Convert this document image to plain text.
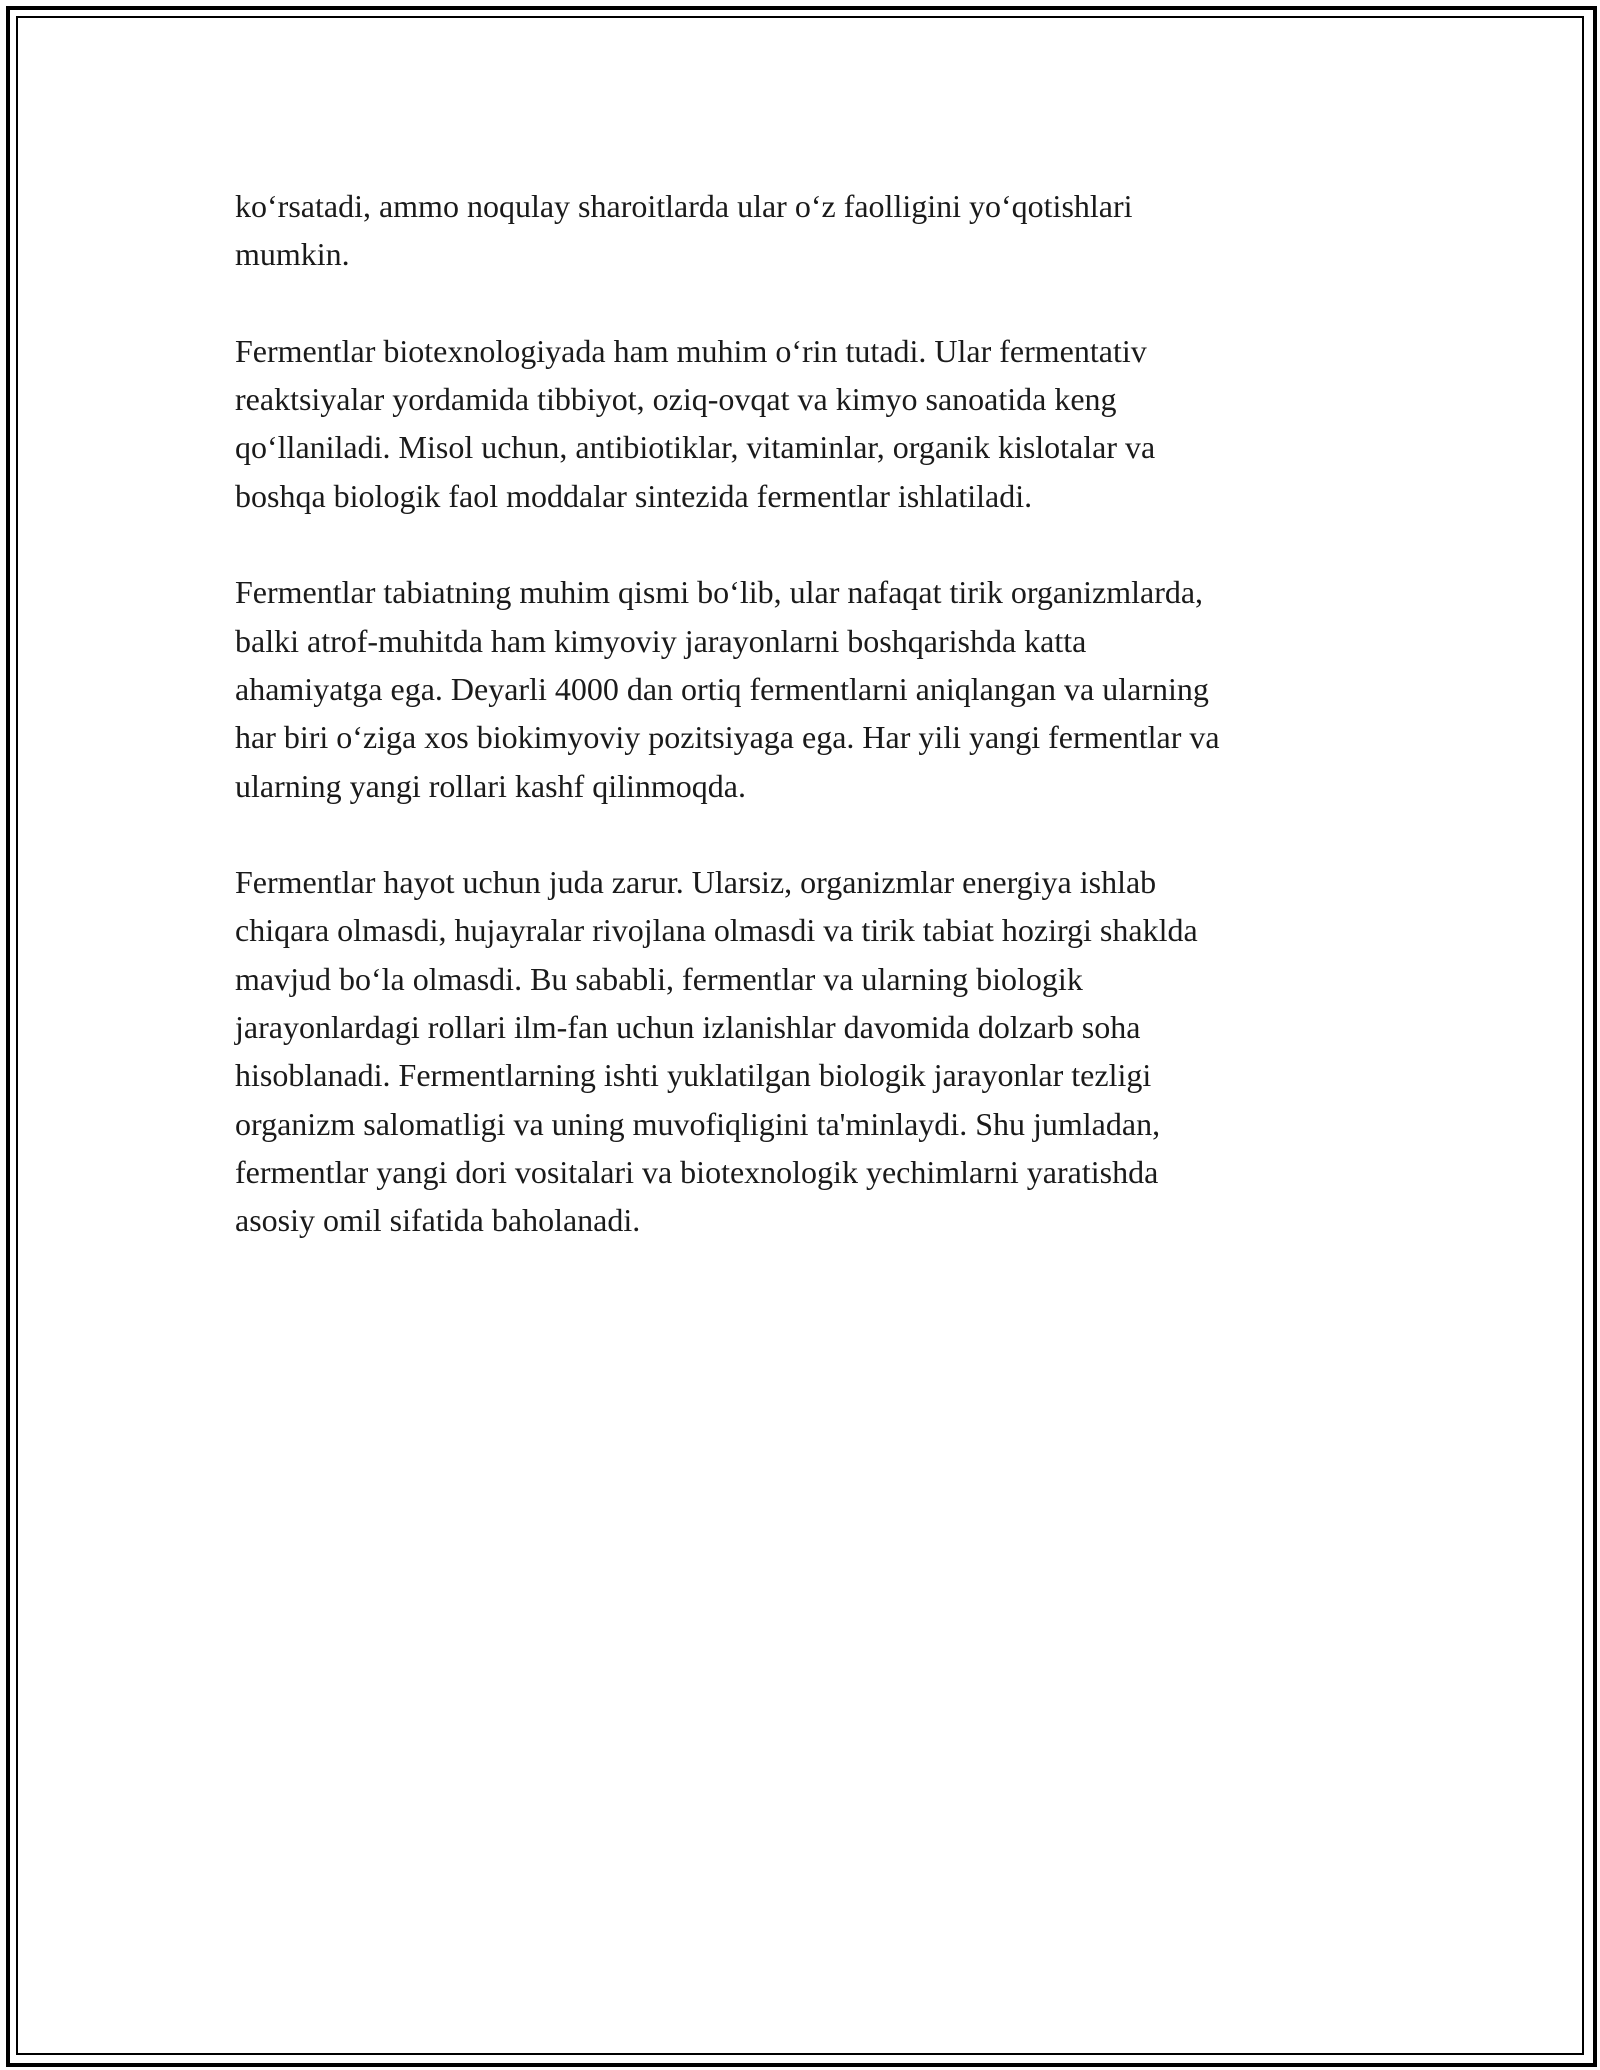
ko‘rsatadi, ammo noqulay sharoitlarda ular o‘z faolligini yo‘qotishlari
mumkin.

Fermentlar biotexnologiyada ham muhim o‘rin tutadi. Ular fermentativ
reaktsiyalar yordamida tibbiyot, oziq-ovqat va kimyo sanoatida keng
qo‘llaniladi. Misol uchun, antibiotiklar, vitaminlar, organik kislotalar va
boshqa biologik faol moddalar sintezida fermentlar ishlatiladi.

Fermentlar tabiatning muhim qismi bo‘lib, ular nafaqat tirik organizmlarda,
balki atrof-muhitda ham kimyoviy jarayonlarni boshqarishda katta
ahamiyatga ega. Deyarli 4000 dan ortiq fermentlarni aniqlangan va ularning
har biri o‘ziga xos biokimyoviy pozitsiyaga ega. Har yili yangi fermentlar va
ularning yangi rollari kashf qilinmoqda.

Fermentlar hayot uchun juda zarur. Ularsiz, organizmlar energiya ishlab
chiqara olmasdi, hujayralar rivojlana olmasdi va tirik tabiat hozirgi shaklda
mavjud bo‘la olmasdi. Bu sababli, fermentlar va ularning biologik
jarayonlardagi rollari ilm-fan uchun izlanishlar davomida dolzarb soha
hisoblanadi. Fermentlarning ishti yuklatilgan biologik jarayonlar tezligi
organizm salomatligi va uning muvofiqligini ta'minlaydi. Shu jumladan,
fermentlar yangi dori vositalari va biotexnologik yechimlarni yaratishda
asosiy omil sifatida baholanadi.
